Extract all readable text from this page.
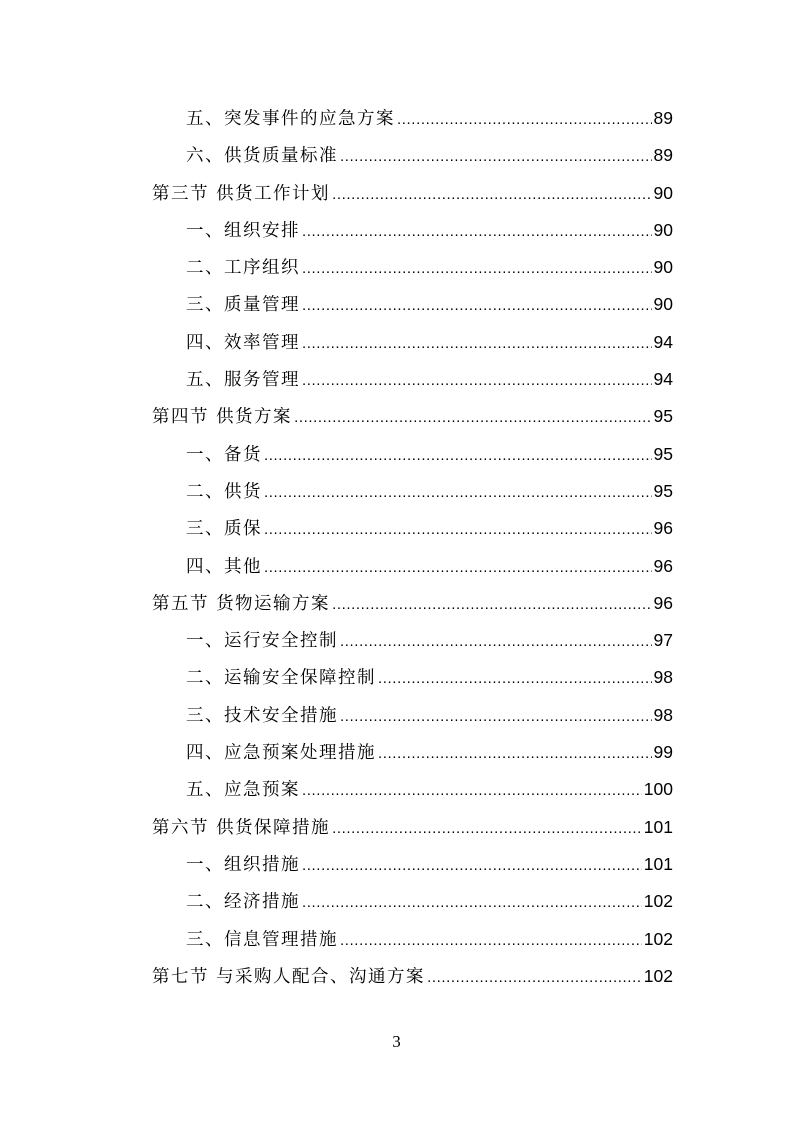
五、突发事件的应急方案 .....	89
六、供货质量标准 .....	89
第三节 供货工作计划 .....	90
一、组织安排 .....	90
二、工序组织 .....	90
三、质量管理 .....	90
四、效率管理 .....	94
五、服务管理 .....	94
第四节 供货方案 .....	95
一、备货 .....	95
二、供货 .....	95
三、质保 .....	96
四、其他 .....	96
第五节 货物运输方案 .....	96
一、运行安全控制 .....	97
二、运输安全保障控制 .....	98
三、技术安全措施 .....	98
四、应急预案处理措施 .....	99
五、应急预案 .....	100
第六节 供货保障措施 .....	101
一、组织措施 .....	101
二、经济措施 .....	102
三、信息管理措施 .....	102
第七节 与采购人配合、沟通方案 .....	102
3
